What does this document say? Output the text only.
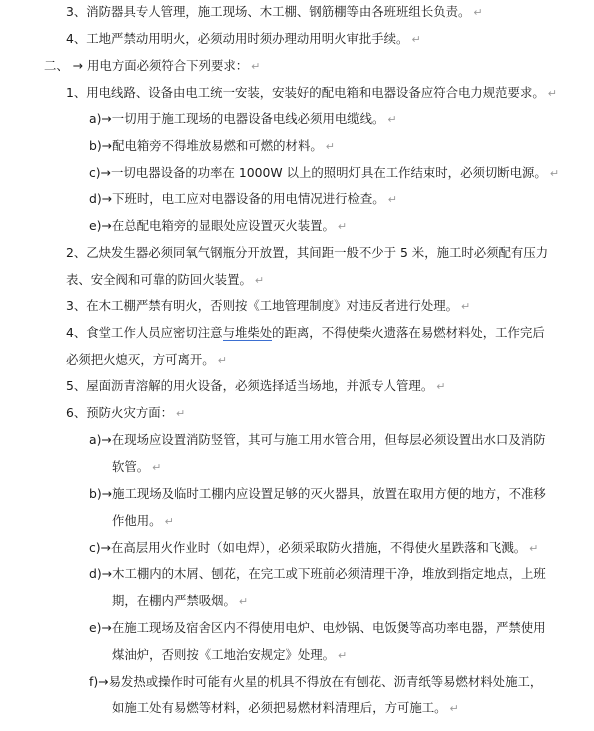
3、消防器具专人管理，施工现场、木工棚、钢筋棚等由各班班组长负责。 ↵
4、工地严禁动用明火，必须动用时须办理动用明火审批手续。 ↵
二、 → 用电方面必须符合下列要求： ↵
1、用电线路、设备由电工统一安装，安装好的配电箱和电器设备应符合电力规范要求。 ↵
a)→一切用于施工现场的电器设备电线必须用电缆线。 ↵
b)→配电箱旁不得堆放易燃和可燃的材料。 ↵
c)→一切电器设备的功率在 1000W 以上的照明灯具在工作结束时，必须切断电源。 ↵
d)→下班时，电工应对电器设备的用电情况进行检查。 ↵
e)→在总配电箱旁的显眼处应设置灭火装置。 ↵
2、乙炔发生器必须同氧气钢瓶分开放置，其间距一般不少于 5 米，施工时必须配有压力
表、安全阀和可靠的防回火装置。 ↵
3、在木工棚严禁有明火，否则按《工地管理制度》对违反者进行处理。 ↵
4、食堂工作人员应密切注意与堆柴处的距离，不得使柴火遗落在易燃材料处，工作完后
必须把火熄灭，方可离开。 ↵
5、屋面沥青溶解的用火设备，必须选择适当场地，并派专人管理。 ↵
6、预防火灾方面： ↵
a)→在现场应设置消防竖管，其可与施工用水管合用，但每层必须设置出水口及消防
软管。 ↵
b)→施工现场及临时工棚内应设置足够的灭火器具，放置在取用方便的地方，不准移
作他用。 ↵
c)→在高层用火作业时（如电焊），必须采取防火措施，不得使火星跌落和飞溅。 ↵
d)→木工棚内的木屑、刨花，在完工或下班前必须清理干净，堆放到指定地点，上班
期，在棚内严禁吸烟。 ↵
e)→在施工现场及宿舍区内不得使用电炉、电炒锅、电饭煲等高功率电器，严禁使用
煤油炉，否则按《工地治安规定》处理。 ↵
f)→易发热或操作时可能有火星的机具不得放在有刨花、沥青纸等易燃材料处施工，
如施工处有易燃等材料，必须把易燃材料清理后，方可施工。 ↵
